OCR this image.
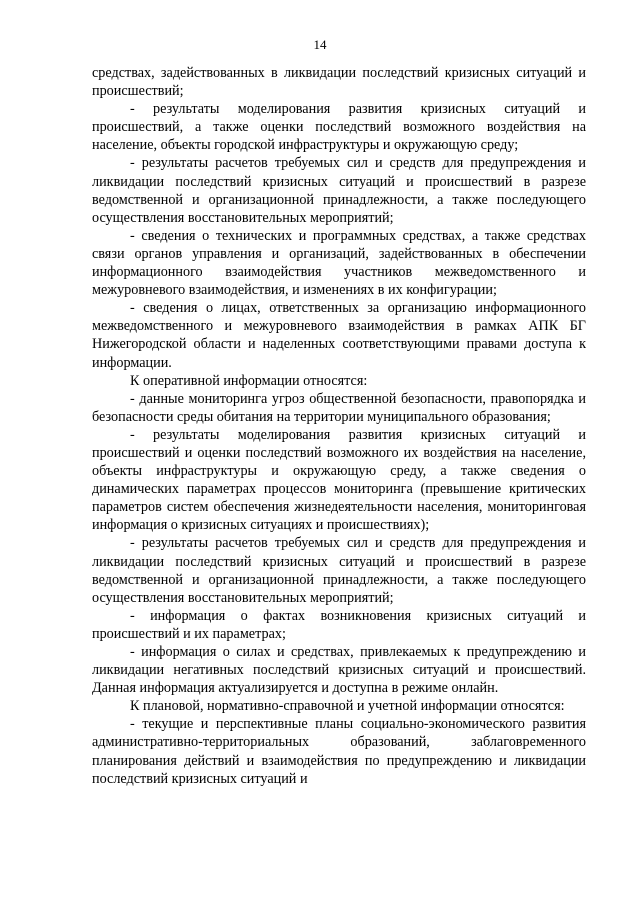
14

средствах, задействованных в ликвидации последствий кризисных ситуаций и происшествий;

- результаты моделирования развития кризисных ситуаций и происшествий, а также оценки последствий возможного воздействия на население, объекты городской инфраструктуры и окружающую среду;

- результаты расчетов требуемых сил и средств для предупреждения и ликвидации последствий кризисных ситуаций и происшествий в разрезе ведомственной и организационной принадлежности, а также последующего осуществления восстановительных мероприятий;

- сведения о технических и программных средствах, а также средствах связи органов управления и организаций, задействованных в обеспечении информационного взаимодействия участников межведомственного и межуровневого взаимодействия, и изменениях в их конфигурации;

- сведения о лицах, ответственных за организацию информационного межведомственного и межуровневого взаимодействия в рамках АПК БГ Нижегородской области и наделенных соответствующими правами доступа к информации.

К оперативной информации относятся:

- данные мониторинга угроз общественной безопасности, правопорядка и безопасности среды обитания на территории муниципального образования;

- результаты моделирования развития кризисных ситуаций и происшествий и оценки последствий возможного их воздействия на население, объекты инфраструктуры и окружающую среду, а также сведения о динамических параметрах процессов мониторинга (превышение критических параметров систем обеспечения жизнедеятельности населения, мониторинговая информация о кризисных ситуациях и происшествиях);

- результаты расчетов требуемых сил и средств для предупреждения и ликвидации последствий кризисных ситуаций и происшествий в разрезе ведомственной и организационной принадлежности, а также последующего осуществления восстановительных мероприятий;

- информация о фактах возникновения кризисных ситуаций и происшествий и их параметрах;

- информация о силах и средствах, привлекаемых к предупреждению и ликвидации негативных последствий кризисных ситуаций и происшествий. Данная информация актуализируется и доступна в режиме онлайн.

К плановой, нормативно-справочной и учетной информации относятся:

- текущие и перспективные планы социально-экономического развития административно-территориальных образований, заблаговременного планирования действий и взаимодействия по предупреждению и ликвидации последствий кризисных ситуаций и
